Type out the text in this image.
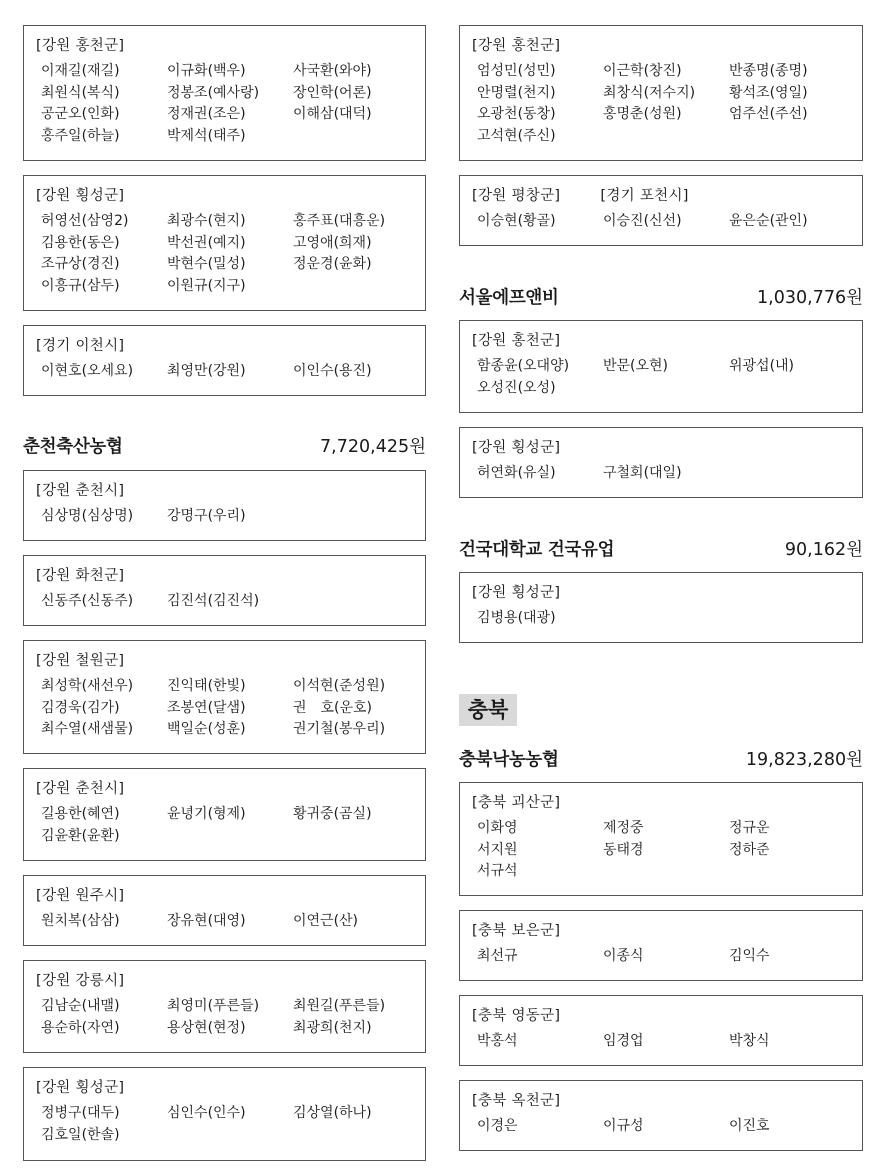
[강원 홍천군]
이재길(재길)	이규화(백우)	사국환(와야)
최원식(복식)	정봉조(예사랑)	장인학(어론)
공군오(인화)	정재권(조은)	이해삼(대덕)
홍주일(하늘)	박제석(태주)
[강원 횡성군]
허영선(삼영2)	최광수(현지)	홍주표(대흥운)
김용한(동은)	박선권(예지)	고영애(희재)
조규상(경진)	박현수(밀성)	정운경(윤화)
이흥규(삼두)	이원규(지구)
[경기 이천시]
이현호(오세요)	최영만(강원)	이인수(용진)
춘천축산농협	7,720,425원
[강원 춘천시]
심상명(심상명)	강명구(우리)
[강원 화천군]
신동주(신동주)	김진석(김진석)
[강원 철원군]
최성학(새선우)	진익태(한빛)	이석현(준성원)
김경욱(김가)	조봉연(달샘)	권　호(운호)
최수열(새샘물)	백일순(성훈)	권기철(봉우리)
[강원 춘천시]
길용한(혜연)	윤녕기(형제)	황귀중(곰실)
김윤환(윤환)
[강원 원주시]
원치복(삼삼)	장유현(대영)	이연근(산)
[강원 강릉시]
김남순(내맬)	최영미(푸른들)	최원길(푸른들)
용순하(자연)	용상현(현정)	최광희(천지)
[강원 횡성군]
정병구(대두)	심인수(인수)	김상열(하나)
김호일(한솔)
[강원 홍천군]
엄성민(성민)	이근학(창진)	반종명(종명)
안명렬(천지)	최창식(저수지)	황석조(영일)
오광천(동창)	홍명춘(성원)	엄주선(주선)
고석현(주신)
[강원 평창군]	[경기 포천시]
이승현(황골)	이승진(신선)	윤은순(관인)
서울에프앤비	1,030,776원
[강원 홍천군]
함종윤(오대양)	반문(오현)	위광섭(내)
오성진(오성)
[강원 횡성군]
허연화(유실)	구철회(대일)
건국대학교 건국유업	90,162원
[강원 횡성군]
김병용(대광)
충북
충북낙농농협	19,823,280원
[충북 괴산군]
이화영	제정중	정규운
서지원	동태경	정하준
서규석
[충북 보은군]
최선규	이종식	김익수
[충북 영동군]
박홍석	임경업	박창식
[충북 옥천군]
이경은	이규성	이진호
